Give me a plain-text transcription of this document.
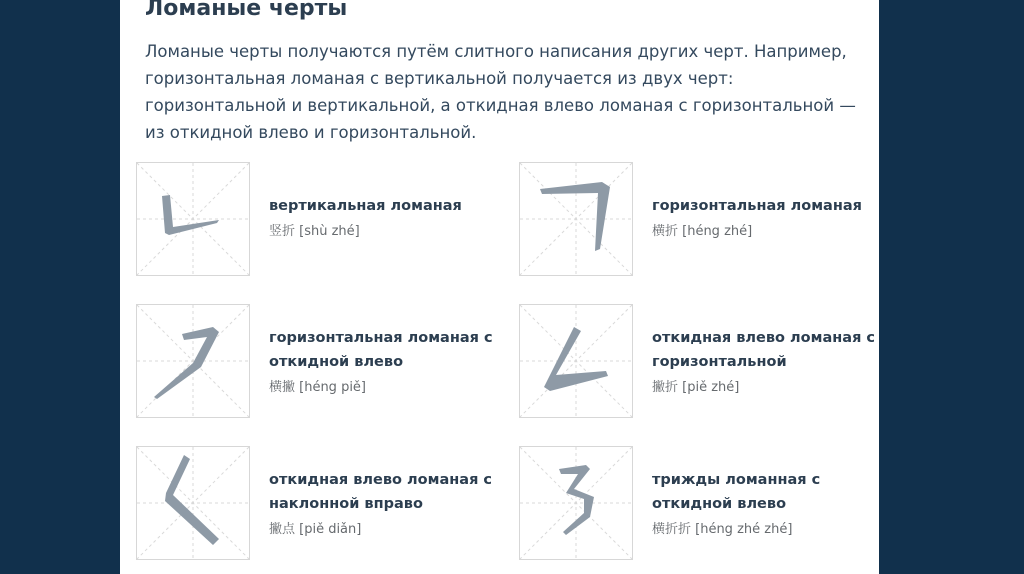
Ломаные черты

Ломаные черты получаются путём слитного написания других черт. Например, горизонтальная ломаная с вертикальной получается из двух черт: горизонтальной и вертикальной, а откидная влево ломаная с горизонтальной — из откидной влево и горизонтальной.

вертикальная ломаная
竖折 [shù zhé]
горизонтальная ломаная
横折 [héng zhé]
горизонтальная ломаная с откидной влево
横撇 [héng piě]
откидная влево ломаная с горизонтальной
撇折 [piě zhé]
откидная влево ломаная с наклонной вправо
撇点 [piě diǎn]
трижды ломанная с откидной влево
横折折 [héng zhé zhé]
